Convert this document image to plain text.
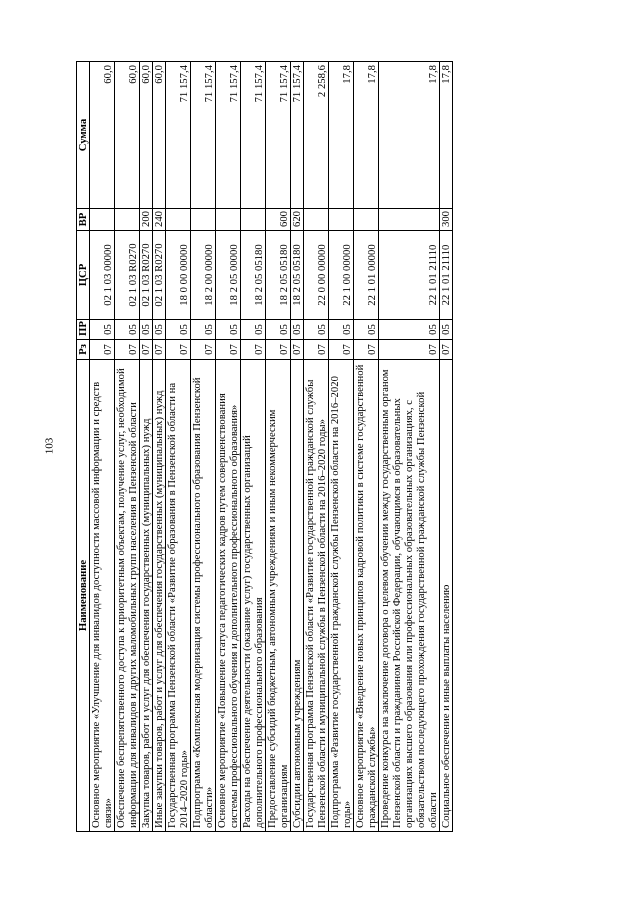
103
Наименование	Рз	ПР	ЦСР	ВР	Сумма
Основное мероприятие «Улучшение для инвалидов доступности массовой информации и средств связи»	07	05	02 1 03 00000		60,0
Обеспечение беспрепятственного доступа к приоритетным объектам, получение услуг, необходимой информации для инвалидов и других маломобильных групп населения в Пензенской области	07	05	02 1 03 R0270		60,0
Закупка товаров, работ и услуг для обеспечения государственных (муниципальных) нужд	07	05	02 1 03 R0270	200	60,0
Иные закупки товаров, работ и услуг для обеспечения государственных (муниципальных) нужд	07	05	02 1 03 R0270	240	60,0
Государственная программа Пензенской области «Развитие образования в Пензенской области на 2014–2020 годы»	07	05	18 0 00 00000		71 157,4
Подпрограмма «Комплексная модернизация системы профессионального образования Пензенской области»	07	05	18 2 00 00000		71 157,4
Основное мероприятие «Повышение статуса педагогических кадров путем совершенствования системы профессионального обучения и дополнительного профессионального образования»	07	05	18 2 05 00000		71 157,4
Расходы на обеспечение деятельности (оказание услуг) государственных организаций дополнительного профессионального образования	07	05	18 2 05 05180		71 157,4
Предоставление субсидий бюджетным, автономным учреждениям и иным некоммерческим организациям	07	05	18 2 05 05180	600	71 157,4
Субсидии автономным учреждениям	07	05	18 2 05 05180	620	71 157,4
Государственная программа Пензенской области «Развитие государственной гражданской службы Пензенской области и муниципальной службы в Пензенской области на 2016–2020 годы»	07	05	22 0 00 00000		2 258,6
Подпрограмма «Развитие государственной гражданской службы Пензенской области на 2016–2020 годы»	07	05	22 1 00 00000		17,8
Основное мероприятие «Внедрение новых принципов кадровой политики в системе государственной гражданской службы»	07	05	22 1 01 00000		17,8
Проведение конкурса на заключение договора о целевом обучении между государственным органом Пензенской области и гражданином Российской Федерации, обучающимся в образовательных организациях высшего образования или профессиональных образовательных организациях, с обязательством последующего прохождения государственной гражданской службы Пензенской области	07	05	22 1 01 21110		17,8
Социальное обеспечение и иные выплаты населению	07	05	22 1 01 21110	300	17,8
